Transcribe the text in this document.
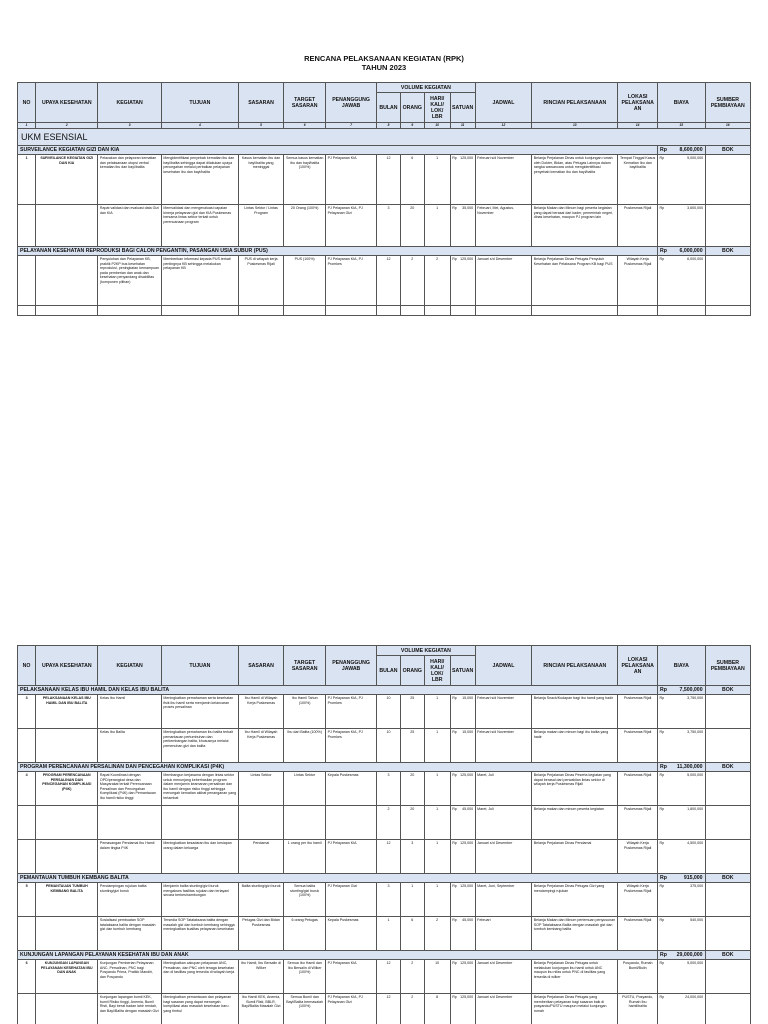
RENCANA PELAKSANAAN KEGIATAN (RPK)
TAHUN 2023
NO	UPAYA KESEHATAN	KEGIATAN	TUJUAN	SASARAN	TARGET SASARAN	PENANGGUNG JAWAB	VOLUME KEGIATAN				JADWAL	RINCIAN PELAKSANAAN	LOKASI PELAKSANA AN	BIAYA	SUMBER PEMBIAYAAN
							BULAN	ORANG	HARI/ KALI/ LOK/ LBR	SATUAN					
1	2	3	4	5	6	7	8	9	10	11	12	13	14	15	16
UKM ESENSIAL															
SURVEILANCE KEGIATAN GIZI DAN KIA														Rp 8,600,000	BOK
1	SURVEILANCE KEGIATAN GIZI DAN KIA	Pelacakan dan pelaporan kematian dan pelaksanaan otopsi verbal kematian ibu dan bayi/balita	Mengidentifikasi penyebab kematian ibu dan bayi/balita sehingga dapat dilakukan upaya pencegahan melalui perbaikan pelayanan kesehatan ibu dan bayi/balita	Kasus kematian ibu dan bayi/balita yang meninggal	Semua kasus kematian ibu dan bayi/balita (100%)	PJ Pelayanan KIA	12	6	1	Rp 125,000	Februari s/d November	Belanja Perjalanan Dinas untuk kunjungan rumah oleh Dokter, Bidan, atau Petugas Lainnya dalam rangka wawancara untuk mengidentifikasi penyebab kematian ibu dan bayi/balita	Tempat Tinggal Kasus Kematian Ibu dan bayi/balita	Rp 5,000,000	

		Rapat validasi dan evaluasi data Gizi dan KIA	Memvalidasi dan mengevaluasi capaian kinerja pelayanan gizi dan KIA Puskesmas bersama lintas sektor terkait untuk perencanaan program	Lintas Sektor / Lintas Program	20 Orang (100%)	PJ Pelayanan KIA, PJ Pelayanan Gizi	3	20	1	Rp 35,000	Februari, Mei, Agustus, November	Belanja Makan dan Minum bagi peserta kegiatan yang dapat berasal dari kader, pemerintah negeri, dinas kesehatan, maupun PJ program lain	Puskesmas Rijali	Rp 3,600,000	

PELAYANAN KESEHATAN REPRODUKSI BAGI CALON PENGANTIN, PASANGAN USIA SUBUR (PUS)														Rp 6,000,000	BOK
		Penyuluhan dan Pelayanan KB, praktik P2KP bus kesehatan reproduksi, peningkatan kemampuan pada pemberian dan anak dan kesehatan penyandang disabilitas (komponen pilihan)	Memberikan informasi kepada PUS terkait pentingnya KB sehingga melakukan pelayanan KB	PUS di wilayah kerja Puskesmas Rijali	PUS (100%)	PJ Pelayanan KIA, PJ Promkes	12	2	2	Rp 125,000	Januari s/d Desember	Belanja Perjalanan Dinas Petugas Penyuluh Kesehatan dan Pelaksana Program KB bagi PUS	Wilayah Kerja Puskesmas Rijali	Rp 6,000,000	

NO	UPAYA KESEHATAN	KEGIATAN	TUJUAN	SASARAN	TARGET SASARAN	PENANGGUNG JAWAB	VOLUME KEGIATAN				JADWAL	RINCIAN PELAKSANAAN	LOKASI PELAKSANA AN	BIAYA	SUMBER PEMBIAYAAN
							BULAN	ORANG	HARI/ KALI/ LOK/ LBR	SATUAN					
PELAKSANAAN KELAS IBU HAMIL DAN KELAS IBU BALITA														Rp 7,500,000	BOK
3	PELAKSANAAN KELAS IBU HAMIL DAN IBU BALITA	Kelas Ibu Hamil	Meningkatkan pemahaman serta kesehatan fisik ibu hamil serta menjamin kelancaran proses persalinan	Ibu Hamil di Wilayah Kerja Puskesmas	Ibu Hamil Tahun (100%)	PJ Pelayanan KIA, PJ Promkes	10	25	1	Rp 15,000	Februari s/d November	Belanja Snack/Kudapan bagi ibu hamil yang hadir	Puskesmas Rijali	Rp 3,750,000	

		Kelas Ibu Balita	Meningkatkan pemahaman ibu balita terkait pemantauan pertumbuhan dan perkembangan balita, khususnya melalui pemenuhan gizi dan balita	Ibu Hamil di Wilayah Kerja Puskesmas	Ibu dari Balita (100%)	PJ Pelayanan KIA, PJ Promkes	10	25	1	Rp 15,000	Februari s/d November	Belanja makan dan minum bagi ibu balita yang hadir	Puskesmas Rijali	Rp 3,750,000	

PROGRAM PERENCANAAN PERSALINAN DAN PENCEGAHAN KOMPLIKASI (P4K)														Rp 11,300,000	BOK
4	PROGRAM PERENCANAAN PERSALINAN DAN PENCEGAHAN KOMPLIKASI (P4K)	Rapat Koordinasi dengan OPD/perangkat desa dan Masyarakat terkait Perencanaan Persalinan dan Pencegahan Komplikasi (P4K) dan Pemantauan Ibu hamil risiko tinggi	Membangun kerjasama dengan lintas sektor untuk menunjang keberhasilan program dalam menjamin keamanan persalinan dan ibu hamil dengan risiko tinggi sehingga mencegah kematian akibat penanganan yang terlambat	Lintas Sektor	Lintas Sektor	Kepala Puskesmas	3	20	1	Rp 125,000	Maret, Juli	Belanja Perjalanan Dinas Peserta kegiatan yang dapat berasal dari perwakilan lintas sektor di wilayah kerja Puskesmas Rijali	Puskesmas Rijali	Rp 5,000,000	

							2	20	1	Rp 45,000	Maret, Juli	Belanja makan dan minum peserta kegiatan	Puskesmas Rijali	Rp 1,800,000	

		Pemasangan Pendamai Ibu Hamil dalam tingka P4K	Meningkatkan kesadaran ibu dan kesiapan orang dalam keluarga	Pendamai	1 orang per ibu hamil	PJ Pelayanan KIA	12	3	1	Rp 125,000	Januari s/d Desember	Belanja Perjalanan Dinas Pendamai	Wilayah Kerja Puskesmas Rijali	Rp 4,500,000	

PEMANTAUAN TUMBUH KEMBANG BALITA														Rp 915,000	BOK
5	PEMANTAUAN TUMBUH KEMBANG BALITA	Pendampingan rujukan balita stunting/gizi buruk	Menjamin balita stunting/gizi buruk mengakses fasilitas rujukan dan terlayani secara berkesinambungan	Balita stunting/gizi buruk	Semua balita stunting/gizi buruk (100%)	PJ Pelayanan Gizi	3	1	1	Rp 125,000	Maret, Juni, September	Belanja Perjalanan Dinas Petugas Gizi yang mendampingi rujukan	Wilayah Kerja Puskesmas Rijali	Rp 375,000	

		Sosialisasi pembuatan SOP tatalaksana balita dengan masalah gizi dan tumbuh kembang	Tersedia SOP Tatalaksana balita dengan masalah gizi dan tumbuh kembang sehingga meningkatkan kualitas pelayanan kesehatan	Petugas Gizi dan Bidan Puskesmas	6 orang Petugas	Kepala Puskesmas	1	6	2	Rp 45,000	Februari	Belanja Makan dan Minum pertemuan penyusunan SOP Tatalaksana Balita dengan masalah gizi dan tumbuh kembang balita	Puskesmas Rijali	Rp 540,000	

KUNJUNGAN LAPANGAN PELAYANAN KESEHATAN IBU DAN ANAK														Rp 29,000,000	BOK
6	KUNJUNGAN LAPANGAN PELAYANAN KESEHATAN IBU DAN ANAK	Kunjungan Pemberian Pelayanan ANC, Persalinan, PNC bagi Posyandu Prima, Pratikk Mandiri, dan Posyandu	Meningkatkan cakupan pelayanan ANC, Persalinan, dan PNC oleh tenaga kesehatan dan di fasilitas yang tersedia di wilayah kerja	Ibu Hamil, Ibu Bersalin di Wilker	Semua Ibu Hamil dan Ibu Bersalin di Wilker (100%)	PJ Pelayanan KIA	12	2	10	Rp 125,000	Januari s/d Desember	Belanja Perjalanan Dinas Petugas untuk melakukan kunjungan ibu hamil untuk ANC maupun ibu nifas untuk PNC di fasilitas yang tersedia di wilker	Posyandu, Rumah Bumil/Bulin	Rp 5,000,000	

		Kunjungan lapangan bumil KEK, bumil Risiko tinggi, Anemia, Bumil Risti, Bayi berat badan lahir rendah, dan Bayi/Balita dengan masalah Gizi	Meningkatkan pemantauan dan pelayanan bagi sasaran yang dapat mencegah komplikasi atau masalah kesehatan baru yang timbul	Ibu Hamil KEK, Anemia, Bumil Risti, BBLR, Bayi/Balita Masalah Gizi	Semua Bumil dan Bayi/Balita bermasalah (100%)	PJ Pelayanan KIA, PJ Pelayanan Gizi	12	2	8	Rp 125,000	Januari s/d Desember	Belanja Perjalanan Dinas Petugas yang memberikan pelayanan bagi sasaran baik di posyandu/PUSTU maupun melalui kunjungan rumah	PUSTU, Posyandu, Rumah Ibu hamil/balita	Rp 24,000,000	
